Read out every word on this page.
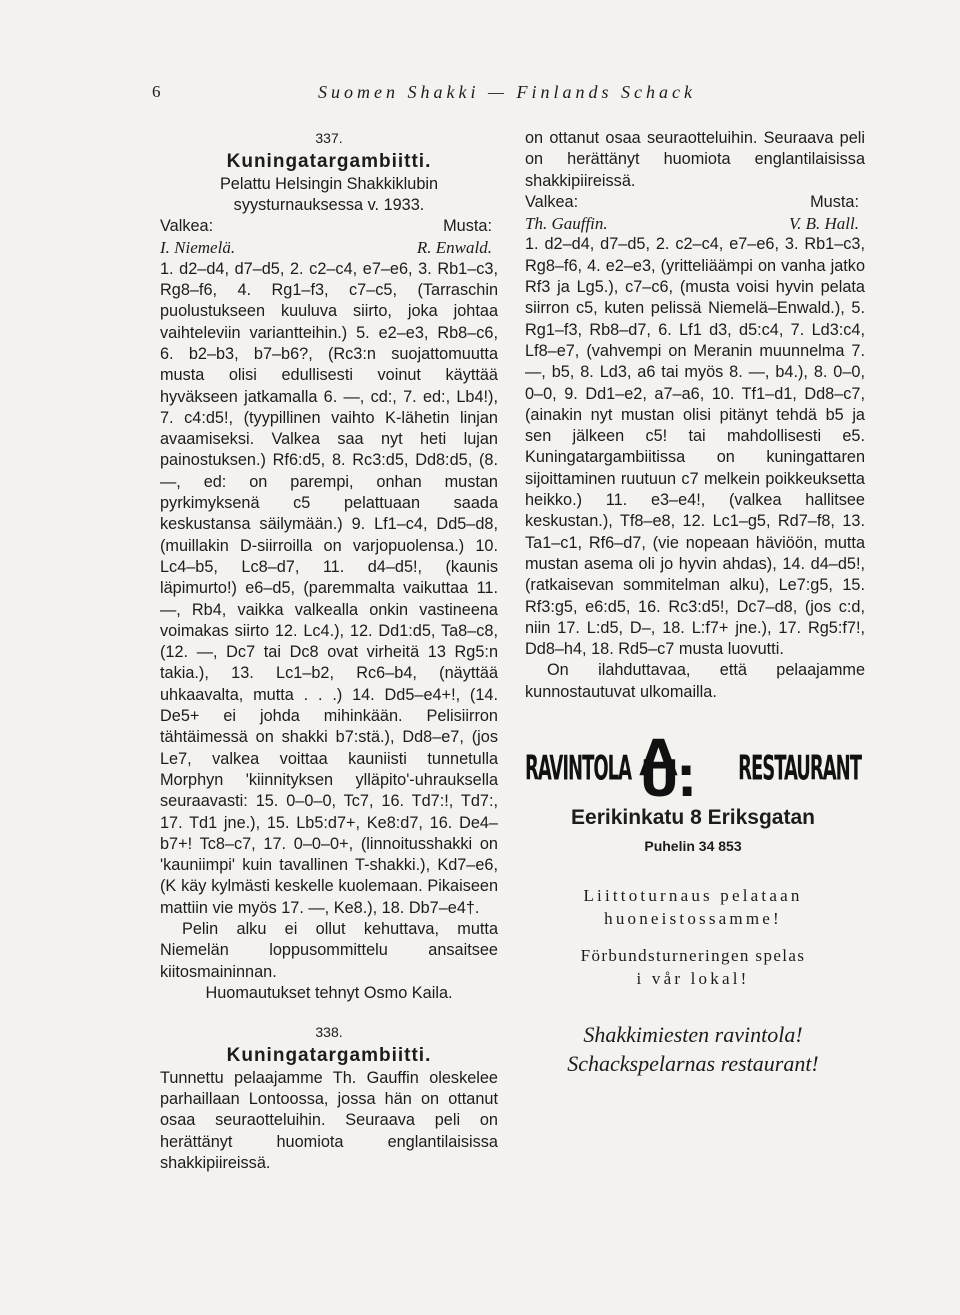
6	Suomen Shakki — Finlands Schack

337.

Kuningatargambiitti.

Pelattu Helsingin Shakkiklubin

syysturnauksessa v. 1933.

Valkea:	Musta:
I. Niemelä.	R. Enwald.

1. d2–d4, d7–d5, 2. c2–c4, e7–e6, 3. Rb1–c3, Rg8–f6, 4. Rg1–f3, c7–c5, (Tarraschin puolustukseen kuuluva siirto, joka johtaa vaihteleviin variantteihin.) 5. e2–e3, Rb8–c6, 6. b2–b3, b7–b6?, (Rc3:n suojattomuutta musta olisi edullisesti voinut käyttää hyväkseen jatkamalla 6. —, cd:, 7. ed:, Lb4!), 7. c4:d5!, (tyypillinen vaihto K-lähetin linjan avaamiseksi. Valkea saa nyt heti lujan painostuksen.) Rf6:d5, 8. Rc3:d5, Dd8:d5, (8. —, ed: on parempi, onhan mustan pyrkimyksenä c5 pelattuaan saada keskustansa säilymään.) 9. Lf1–c4, Dd5–d8, (muillakin D-siirroilla on varjopuolensa.) 10. Lc4–b5, Lc8–d7, 11. d4–d5!, (kaunis läpimurto!) e6–d5, (paremmalta vaikuttaa 11. —, Rb4, vaikka valkealla onkin vastineena voimakas siirto 12. Lc4.), 12. Dd1:d5, Ta8–c8, (12. —, Dc7 tai Dc8 ovat virheitä 13 Rg5:n takia.), 13. Lc1–b2, Rc6–b4, (näyttää uhkaavalta, mutta . . .) 14. Dd5–e4+!, (14. De5+ ei johda mihinkään. Pelisiirron tähtäimessä on shakki b7:stä.), Dd8–e7, (jos Le7, valkea voittaa kauniisti tunnetulla Morphyn 'kiinnityksen ylläpito'-uhrauksella seuraavasti: 15. 0–0–0, Tc7, 16. Td7:!, Td7:, 17. Td1 jne.), 15. Lb5:d7+, Ke8:d7, 16. De4–b7+! Tc8–c7, 17. 0–0–0+, (linnoitusshakki on 'kauniimpi' kuin tavallinen T-shakki.), Kd7–e6, (K käy kylmästi keskelle kuolemaan. Pikaiseen mattiin vie myös 17. —, Ke8.), 18. Db7–e4†.

Pelin alku ei ollut kehuttava, mutta Niemelän loppusommittelu ansaitsee kiitosmaininnan.

Huomautukset tehnyt Osmo Kaila.

338.

Kuningatargambiitti.

Tunnettu pelaajamme Th. Gauffin oleskelee parhaillaan Lontoossa, jossa hän on ottanut osaa seuraotteluihin. Seuraava peli on herättänyt huomiota englantilaisissa shakkipiireissä.

on ottanut osaa seuraotteluihin. Seuraava peli on herättänyt huomiota englantilaisissa shakkipiireissä.

Valkea:	Musta:
Th. Gauffin.	V. B. Hall.

1. d2–d4, d7–d5, 2. c2–c4, e7–e6, 3. Rb1–c3, Rg8–f6, 4. e2–e3, (yritteliäämpi on vanha jatko Rf3 ja Lg5.), c7–c6, (musta voisi hyvin pelata siirron c5, kuten pelissä Niemelä–Enwald.), 5. Rg1–f3, Rb8–d7, 6. Lf1 d3, d5:c4, 7. Ld3:c4, Lf8–e7, (vahvempi on Meranin muunnelma 7. —, b5, 8. Ld3, a6 tai myös 8. —, b4.), 8. 0–0, 0–0, 9. Dd1–e2, a7–a6, 10. Tf1–d1, Dd8–c7, (ainakin nyt mustan olisi pitänyt tehdä b5 ja sen jälkeen c5! tai mahdollisesti e5. Kuningatargambiitissa on kuningattaren sijoittaminen ruutuun c7 melkein poikkeuksetta heikko.) 11. e3–e4!, (valkea hallitsee keskustan.), Tf8–e8, 12. Lc1–g5, Rd7–f8, 13. Ta1–c1, Rf6–d7, (vie nopeaan häviöön, mutta mustan asema oli jo hyvin ahdas), 14. d4–d5!, (ratkaisevan sommitelman alku), Le7:g5, 15. Rf3:g5, e6:d5, 16. Rc3:d5!, Dc7–d8, (jos c:d, niin 17. L:d5, D–, 18. L:f7+ jne.), 17. Rg5:f7!, Dd8–h4, 18. Rd5–c7 musta luovutti.

On ilahduttavaa, että pelaajamme kunnostautuvat ulkomailla.

RAVINTOLA A. U.	RESTAURANT
Eerikinkatu 8 Eriksgatan
Puhelin 34 853
Liittoturnaus pelataan
huoneistossamme!
Förbundsturneringen spelas
i vår lokal!
Shakkimiesten ravintola!
Schackspelarnas restaurant!
